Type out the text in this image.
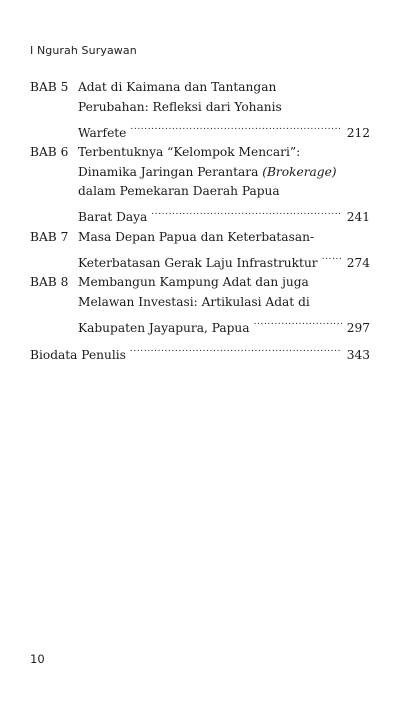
I Ngurah Suryawan
BAB 5 Adat di Kaimana dan Tantangan
Perubahan: Refleksi dari Yohanis
Warfete .....	212
BAB 6 Terbentuknya “Kelompok Mencari”:
Dinamika Jaringan Perantara (Brokerage)
dalam Pemekaran Daerah Papua
Barat Daya .....	241
BAB 7 Masa Depan Papua dan Keterbatasan-
Keterbatasan Gerak Laju Infrastruktur ..... 274
BAB 8 Membangun Kampung Adat dan juga
Melawan Investasi: Artikulasi Adat di
Kabupaten Jayapura, Papua .....	297
Biodata Penulis .....	343
10
